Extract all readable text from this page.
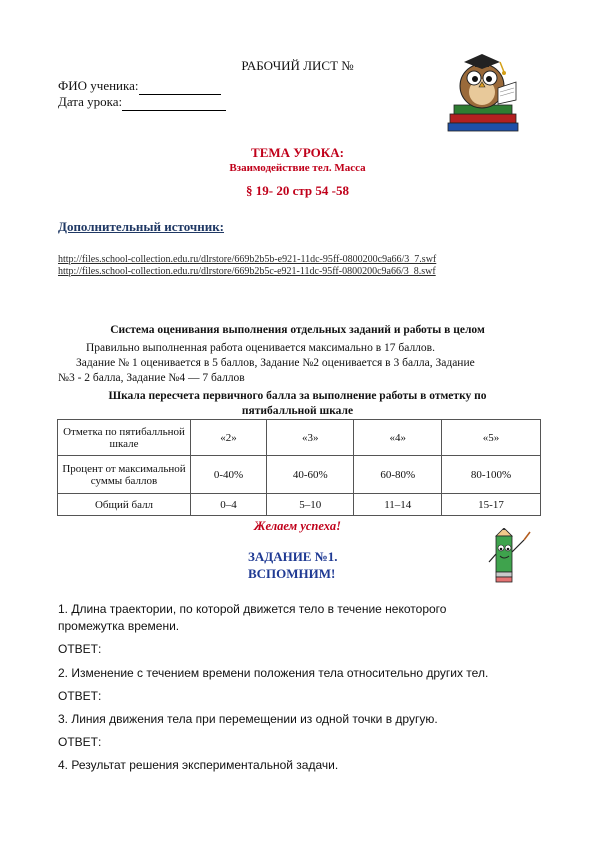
РАБОЧИЙ ЛИСТ №
ФИО ученика:
Дата урока:
ТЕМА УРОКА:
Взаимодействие тел. Масса
§ 19- 20 стр 54 -58
Дополнительный источник:
http://files.school-collection.edu.ru/dlrstore/669b2b5b-e921-11dc-95ff-0800200c9a66/3_7.swf
http://files.school-collection.edu.ru/dlrstore/669b2b5c-e921-11dc-95ff-0800200c9a66/3_8.swf
Система оценивания выполнения отдельных заданий и работы в целом
Правильно выполненная работа оценивается максимально в 17 баллов.
Задание № 1 оценивается в 5 баллов, Задание №2 оценивается в 3 балла, Задание
№3 - 2 балла, Задание №4 — 7 баллов
Шкала пересчета первичного балла за выполнение работы в отметку по
пятибалльной шкале
Отметка по пятибалльной шкале	«2»	«3»	«4»	«5»
Процент от максимальной суммы баллов	0-40%	40-60%	60-80%	80-100%
Общий балл	0–4	5–10	11–14	15-17
Желаем успеха!
ЗАДАНИЕ №1.
ВСПОМНИМ!
1. Длина траектории, по которой движется тело в течение некоторого
промежутка времени.
ОТВЕТ:
2. Изменение с течением времени положения тела относительно других тел.
ОТВЕТ:
3. Линия движения тела при перемещении из одной точки в другую.
ОТВЕТ:
4. Результат решения экспериментальной задачи.
